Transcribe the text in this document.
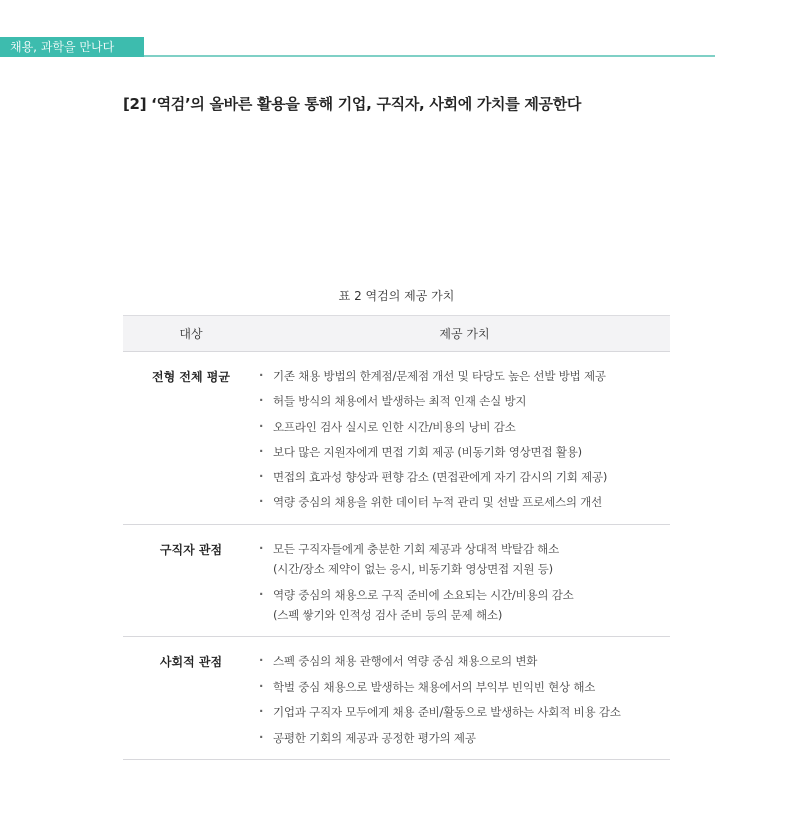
채용, 과학을 만나다
[2] ‘역검’의 올바른 활용을 통해 기업, 구직자, 사회에 가치를 제공한다
표 2 역검의 제공 가치
대상	제공 가치
전형 전체 평균	· 기존 채용 방법의 한계점/문제점 개선 및 타당도 높은 선발 방법 제공
· 허들 방식의 채용에서 발생하는 최적 인재 손실 방지
· 오프라인 검사 실시로 인한 시간/비용의 낭비 감소
· 보다 많은 지원자에게 면접 기회 제공 (비동기화 영상면접 활용)
· 면접의 효과성 향상과 편향 감소 (면접관에게 자기 감시의 기회 제공)
· 역량 중심의 채용을 위한 데이터 누적 관리 및 선발 프로세스의 개선
구직자 관점	· 모든 구직자들에게 충분한 기회 제공과 상대적 박탈감 해소
(시간/장소 제약이 없는 응시, 비동기화 영상면접 지원 등)
· 역량 중심의 채용으로 구직 준비에 소요되는 시간/비용의 감소
(스펙 쌓기와 인적성 검사 준비 등의 문제 해소)
사회적 관점	· 스펙 중심의 채용 관행에서 역량 중심 채용으로의 변화
· 학벌 중심 채용으로 발생하는 채용에서의 부익부 빈익빈 현상 해소
· 기업과 구직자 모두에게 채용 준비/활동으로 발생하는 사회적 비용 감소
· 공평한 기회의 제공과 공정한 평가의 제공
